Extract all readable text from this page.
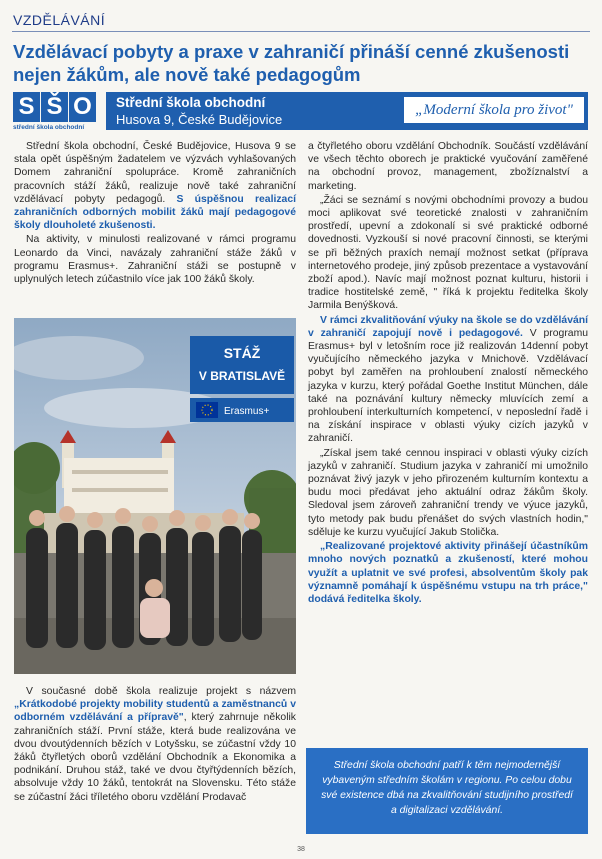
VZDĚLÁVÁNÍ
Vzdělávací pobyty a praxe v zahraničí přináší cenné zkušenosti nejen žákům, ale nově také pedagogům
S Š O
střední škola obchodní
Střední škola obchodní
Husova 9, České Budějovice
„Moderní škola pro život"

Střední škola obchodní, České Budějovice, Husova 9 se stala opět úspěšným žadatelem ve výzvách vyhlašovaných Domem zahraniční spolupráce. Kromě zahraničních pracovních stáží žáků, realizuje nově také zahraniční vzdělávací pobyty pedagogů. S úspěšnou realizací zahraničních odborných mobilit žáků mají pedagogové školy dlouholeté zkušenosti.

Na aktivity, v minulosti realizované v rámci programu Leonardo da Vinci, navázaly zahraniční stáže žáků v programu Erasmus+. Zahraniční stáži se postupně v uplynulých letech zúčastnilo více jak 100 žáků školy.

STÁŽ
V BRATISLAVĚ
Erasmus+

V současné době škola realizuje projekt s názvem „Krátkodobé projekty mobility studentů a zaměstnanců v odborném vzdělávání a přípravě", který zahrnuje několik zahraničních stáží. První stáže, která bude realizována ve dvou dvoutýdenních bězích v Lotyšsku, se zúčastní vždy 10 žáků čtyřletých oborů vzdělání Obchodník a Ekonomika a podnikání. Druhou stáž, také ve dvou čtyřtýdenních bězích, absolvuje vždy 10 žáků, tentokrát na Slovensku. Této stáže se zúčastní žáci tříletého oboru vzdělání Prodavač

a čtyřletého oboru vzdělání Obchodník. Součástí vzdělávání ve všech těchto oborech je praktické vyučování zaměřené na obchodní provoz, management, zbožíznalství a marketing.

„Žáci se seznámí s novými obchodními provozy a budou moci aplikovat své teoretické znalosti v zahraničním prostředí, upevní a zdokonalí si své praktické odborné dovednosti. Vyzkouší si nové pracovní činnosti, se kterými se při běžných praxích nemají možnost setkat (příprava internetového prodeje, jiný způsob prezentace a vystavování zboží apod.). Navíc mají možnost poznat kulturu, historii i tradice hostitelské země, " říká k projektu ředitelka školy Jarmila Benýšková.

V rámci zkvalitňování výuky na škole se do vzdělávání v zahraničí zapojují nově i pedagogové. V programu Erasmus+ byl v letošním roce již realizován 14denní pobyt vyučujícího německého jazyka v Mnichově. Vzdělávací pobyt byl zaměřen na prohloubení znalostí německého jazyka v kurzu, který pořádal Goethe Institut München, dále také na poznávání kultury německy mluvících zemí a prohloubení interkulturních kompetencí, v neposlední řadě i na získání inspirace v oblasti výuky cizích jazyků v zahraničí.

„Získal jsem také cennou inspiraci v oblasti výuky cizích jazyků v zahraničí. Studium jazyka v zahraničí mi umožnilo poznávat živý jazyk v jeho přirozeném kulturním kontextu a budu moci předávat jeho aktuální odraz žákům školy. Sledoval jsem zároveň zahraniční trendy ve výuce jazyků, tyto metody pak budu přenášet do svých vlastních hodin," sděluje ke kurzu vyučující Jakub Stolička.

„Realizované projektové aktivity přinášejí účastníkům mnoho nových poznatků a zkušeností, které mohou využít a uplatnit ve své profesi, absolventům školy pak významně pomáhají k úspěšnému vstupu na trh práce," dodává ředitelka školy.

Střední škola obchodní patří k těm nejmodernější vybaveným středním školám v regionu. Po celou dobu své existence dbá na zkvalitňování studijního prostředí a digitalizaci vzdělávání.
38
